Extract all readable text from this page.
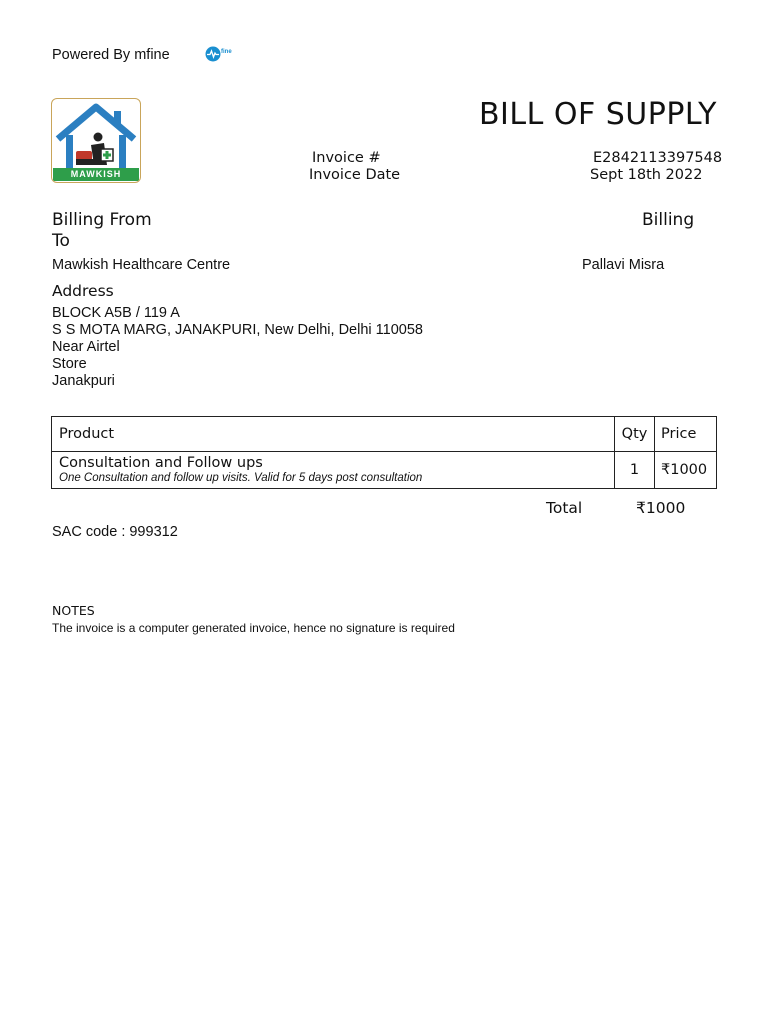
Powered By mfine	fine
MAWKISH
BILL OF SUPPLY
Invoice #	E2842113397548
Invoice Date	Sept 18th 2022
Billing From	Billing
To
Mawkish Healthcare Centre	Pallavi Misra
Address
BLOCK A5B / 119 A
S S MOTA MARG, JANAKPURI, New Delhi, Delhi 110058
Near Airtel
Store
Janakpuri
Product	Qty	Price

Consultation and Follow ups
One Consultation and follow up visits. Valid for 5 days post consultation	1	₹1000
Total	₹1000
SAC code : 999312
NOTES
The invoice is a computer generated invoice, hence no signature is required
